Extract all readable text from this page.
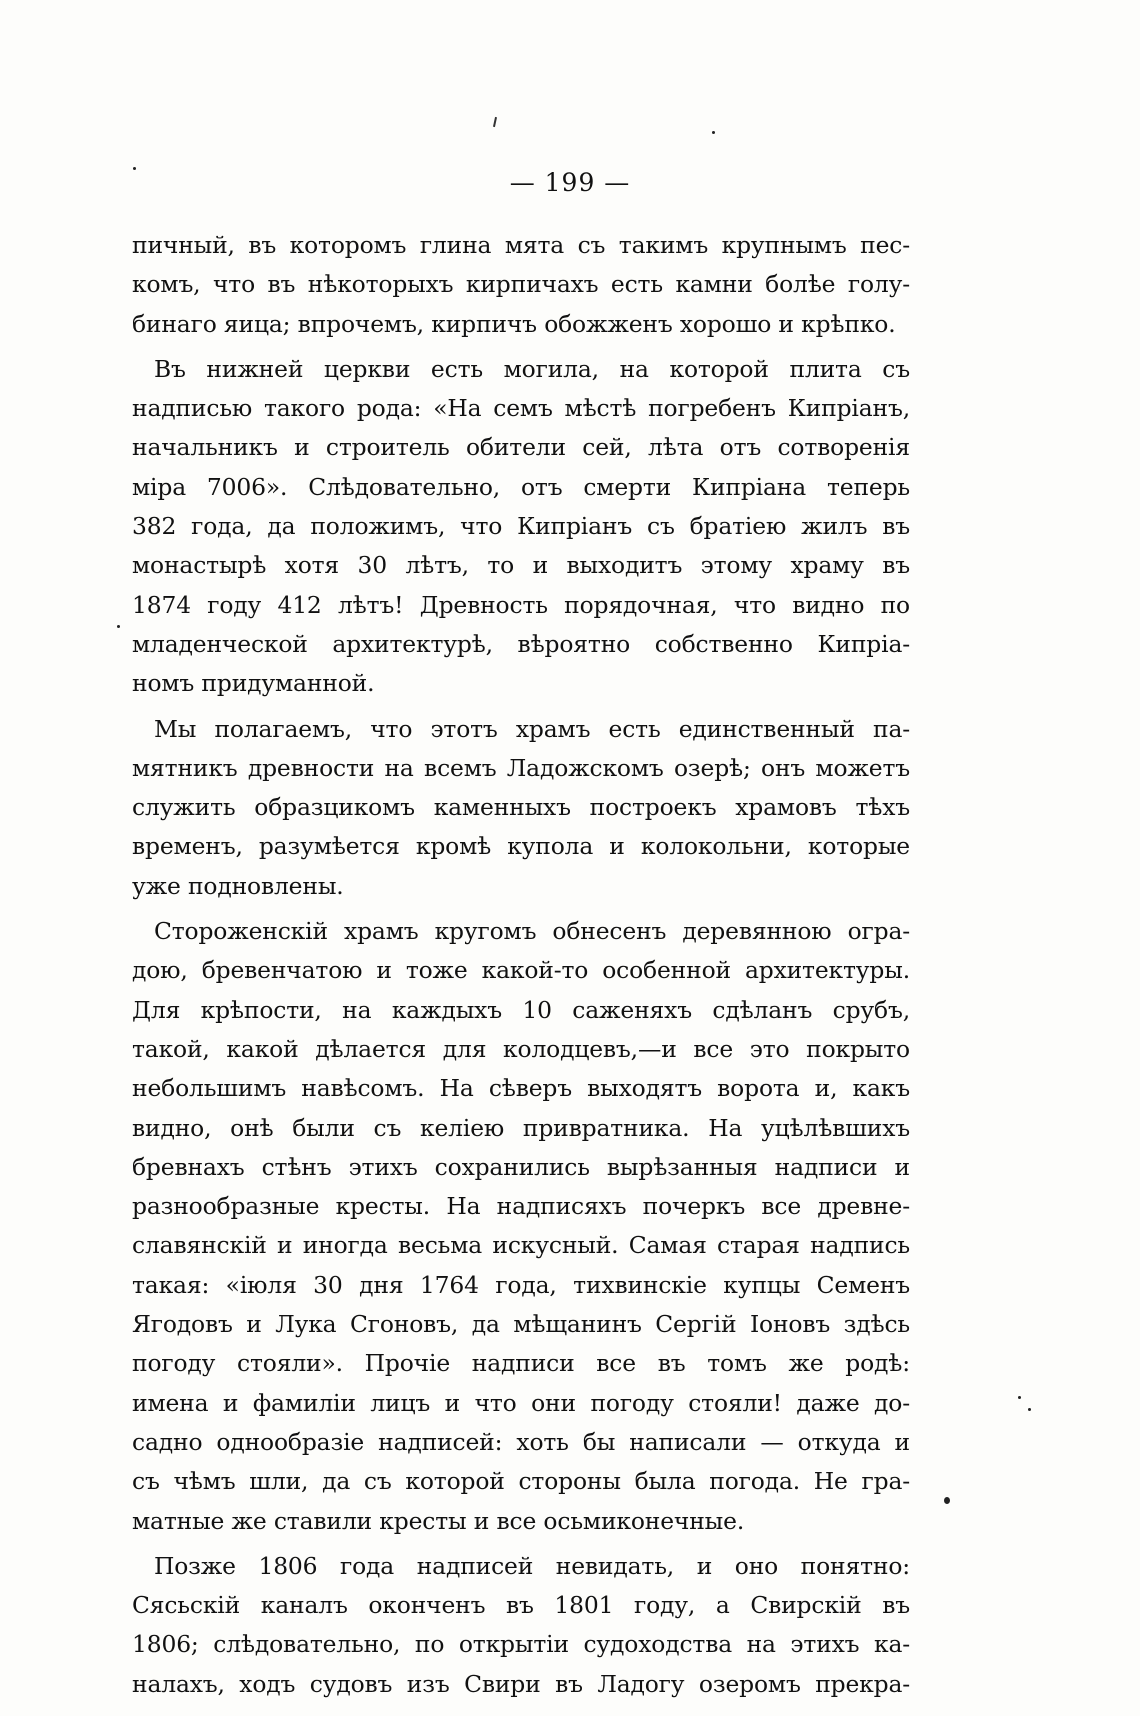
— 199 —
пичный, въ которомъ глина мята съ такимъ крупнымъ пес-
комъ, что въ нѣкоторыхъ кирпичахъ есть камни болѣе голу-
бинаго яица; впрочемъ, кирпичъ обожженъ хорошо и крѣпко.
Въ нижней церкви есть могила, на которой плита съ
надписью такого рода: «На семъ мѣстѣ погребенъ Кипріанъ,
начальникъ и строитель обители сей, лѣта отъ сотворенія
міра 7006». Слѣдовательно, отъ смерти Кипріана теперь
382 года, да положимъ, что Кипріанъ съ братіею жилъ въ
монастырѣ хотя 30 лѣтъ, то и выходитъ этому храму въ
1874 году 412 лѣтъ! Древность порядочная, что видно по
младенческой архитектурѣ, вѣроятно собственно Кипріа-
номъ придуманной.
Мы полагаемъ, что этотъ храмъ есть единственный па-
мятникъ древности на всемъ Ладожскомъ озерѣ; онъ можетъ
служить образцикомъ каменныхъ построекъ храмовъ тѣхъ
временъ, разумѣется кромѣ купола и колокольни, которые
уже подновлены.
Стороженскій храмъ кругомъ обнесенъ деревянною огра-
дою, бревенчатою и тоже какой-то особенной архитектуры.
Для крѣпости, на каждыхъ 10 саженяхъ сдѣланъ срубъ,
такой, какой дѣлается для колодцевъ,—и все это покрыто
небольшимъ навѣсомъ. На сѣверъ выходятъ ворота и, какъ
видно, онѣ были съ келіею привратника. На уцѣлѣвшихъ
бревнахъ стѣнъ этихъ сохранились вырѣзанныя надписи и
разнообразные кресты. На надписяхъ почеркъ все древне-
славянскій и иногда весьма искусный. Самая старая надпись
такая: «іюля 30 дня 1764 года, тихвинскіе купцы Семенъ
Ягодовъ и Лука Сгоновъ, да мѣщанинъ Сергій Іоновъ здѣсь
погоду стояли». Прочіе надписи все въ томъ же родѣ:
имена и фамиліи лицъ и что они погоду стояли! даже до-
садно однообразіе надписей: хоть бы написали — откуда и
съ чѣмъ шли, да съ которой стороны была погода. Не гра-
матные же ставили кресты и все осьмиконечные.
Позже 1806 года надписей невидать, и оно понятно:
Сясьскій каналъ оконченъ въ 1801 году, а Свирскій въ
1806; слѣдовательно, по открытіи судоходства на этихъ ка-
налахъ, ходъ судовъ изъ Свири въ Ладогу озеромъ прекра-
